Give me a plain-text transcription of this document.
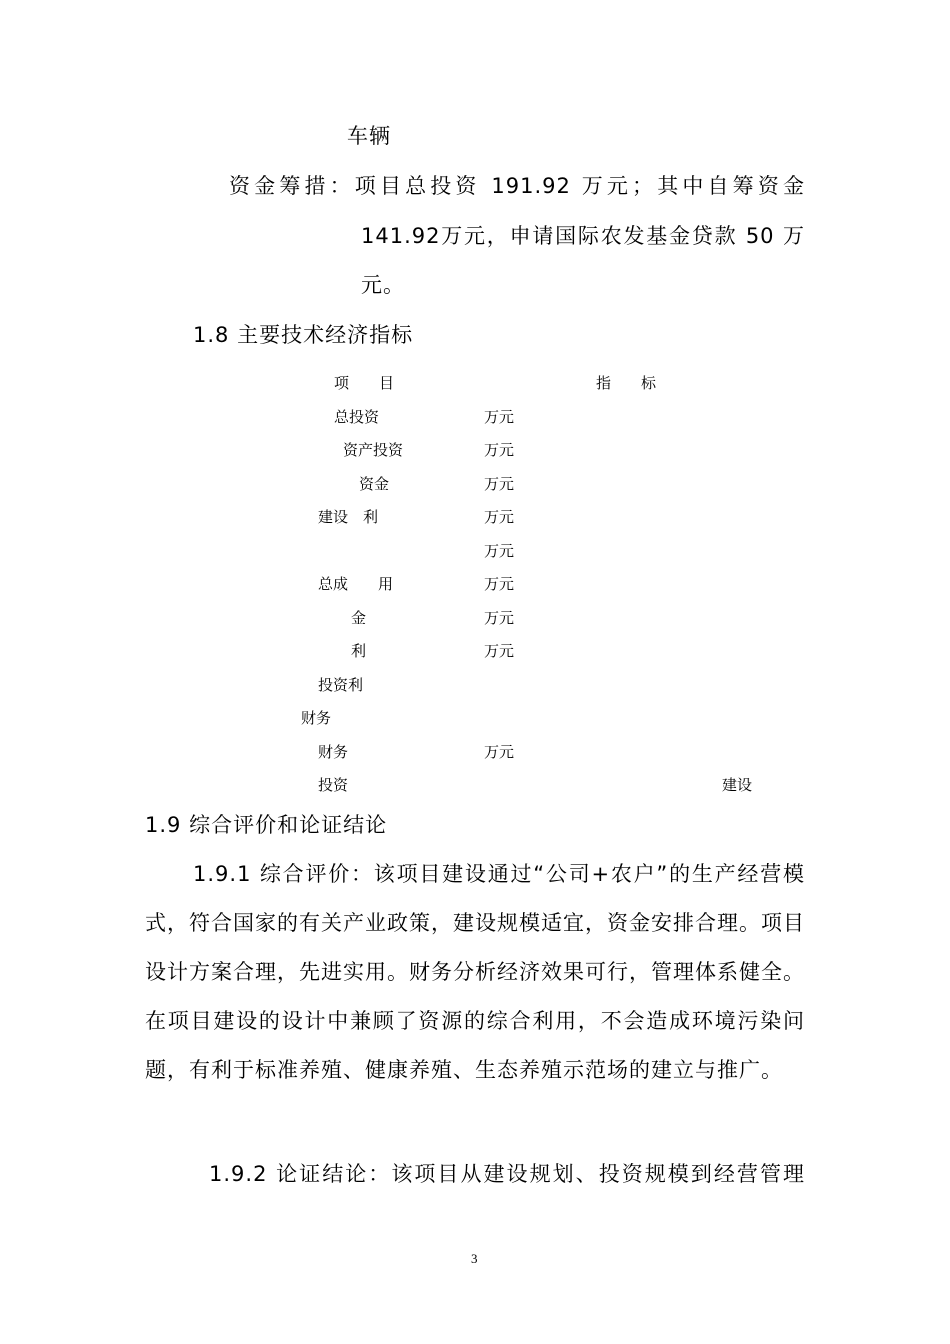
车辆
资金筹措：项目总投资 191.92 万元；其中自筹资金
141.92万元，申请国际农发基金贷款 50 万
元。
1.8 主要技术经济指标
项　　目	指　　标
总投资	万元
资产投资	万元
资金	万元
建设　利	万元
万元
总成　　用	万元
金	万元
利	万元
投资利
财务
财务	万元
投资	建设
1.9 综合评价和论证结论
1.9.1 综合评价：该项目建设通过“公司+农户”的生产经营模式，符合国家的有关产业政策，建设规模适宜，资金安排合理。项目设计方案合理，先进实用。财务分析经济效果可行，管理体系健全。在项目建设的设计中兼顾了资源的综合利用，不会造成环境污染问题，有利于标准养殖、健康养殖、生态养殖示范场的建立与推广。
1.9.2 论证结论：该项目从建设规划、投资规模到经营管理
3
